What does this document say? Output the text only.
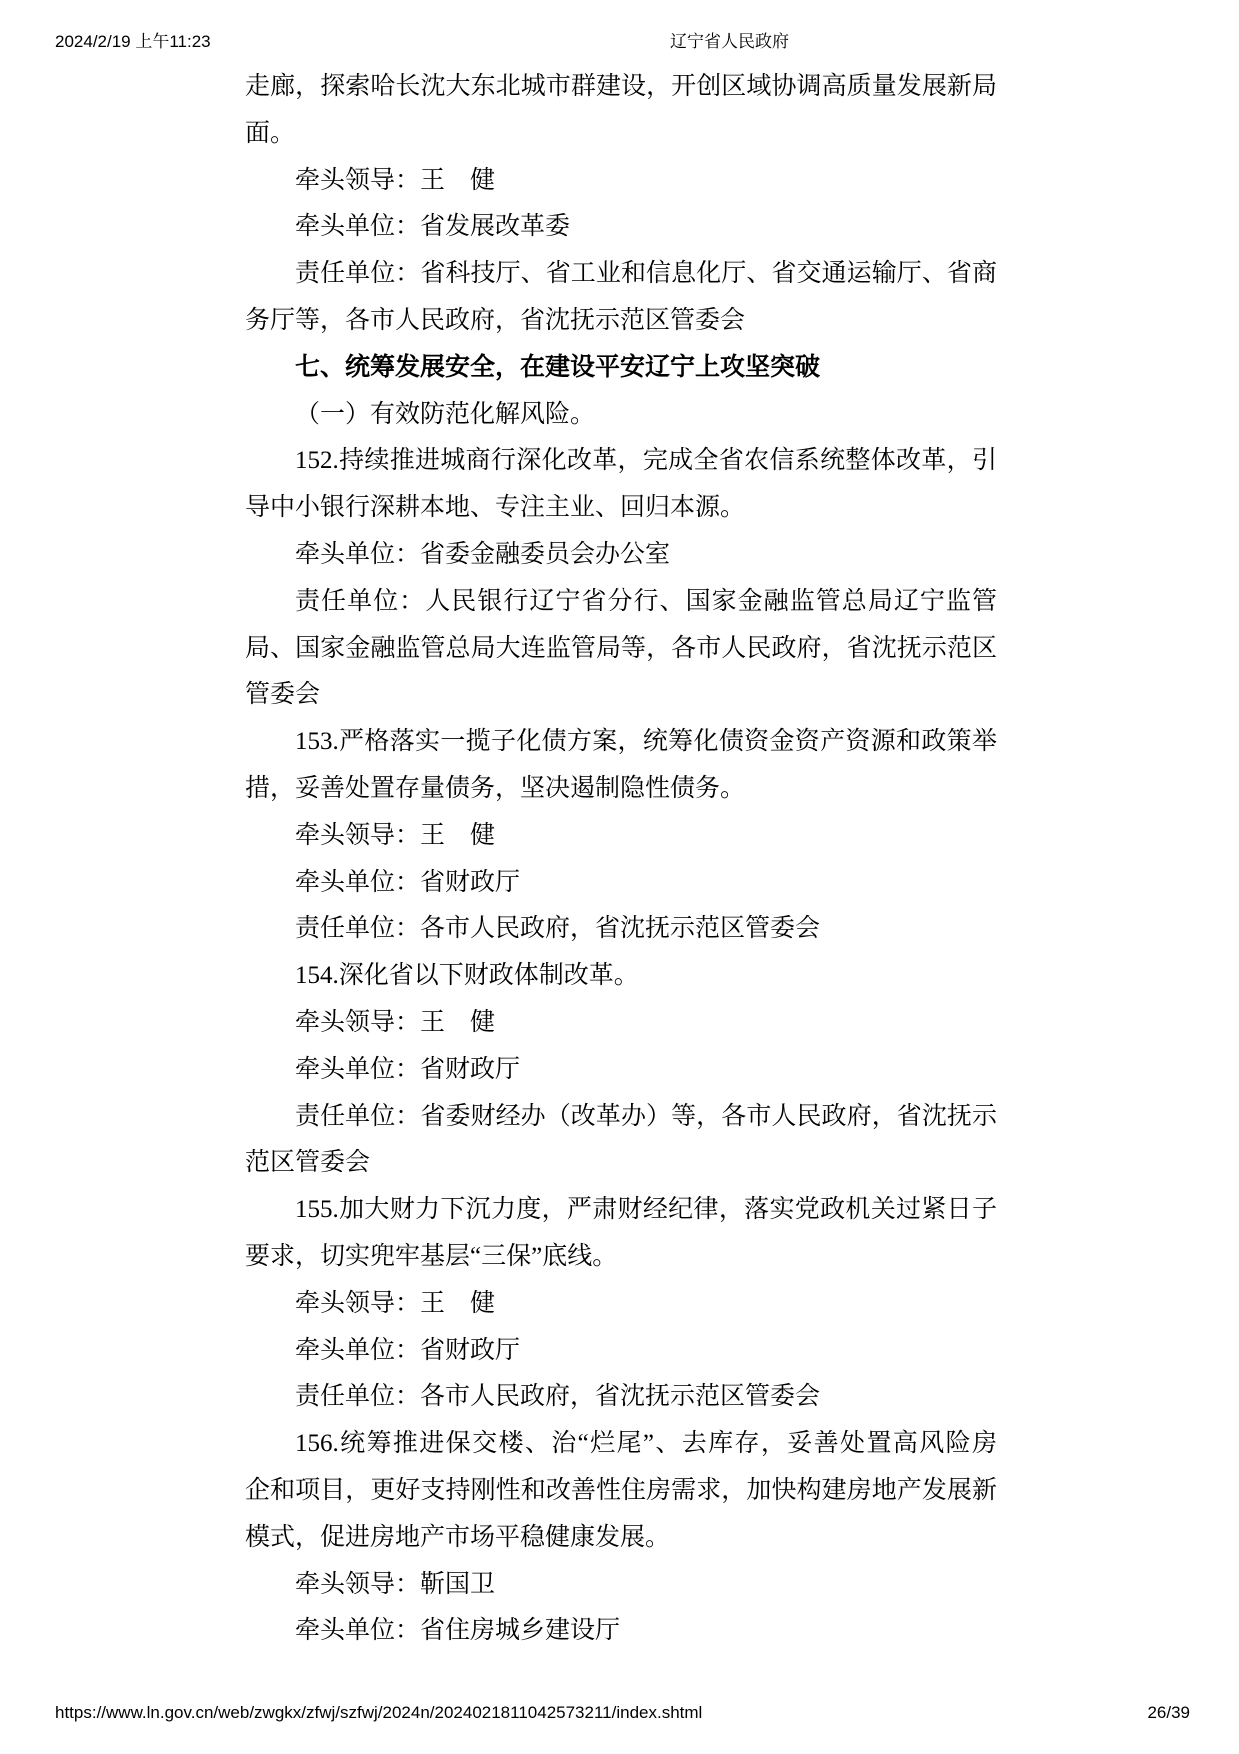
2024/2/19 上午11:23	辽宁省人民政府
走廊，探索哈长沈大东北城市群建设，开创区域协调高质量发展新局
面。
牵头领导：王　健
牵头单位：省发展改革委
责任单位：省科技厅、省工业和信息化厅、省交通运输厅、省商
务厅等，各市人民政府，省沈抚示范区管委会
七、统筹发展安全，在建设平安辽宁上攻坚突破
（一）有效防范化解风险。
152.持续推进城商行深化改革，完成全省农信系统整体改革，引
导中小银行深耕本地、专注主业、回归本源。
牵头单位：省委金融委员会办公室
责任单位：人民银行辽宁省分行、国家金融监管总局辽宁监管
局、国家金融监管总局大连监管局等，各市人民政府，省沈抚示范区
管委会
153.严格落实一揽子化债方案，统筹化债资金资产资源和政策举
措，妥善处置存量债务，坚决遏制隐性债务。
牵头领导：王　健
牵头单位：省财政厅
责任单位：各市人民政府，省沈抚示范区管委会
154.深化省以下财政体制改革。
牵头领导：王　健
牵头单位：省财政厅
责任单位：省委财经办（改革办）等，各市人民政府，省沈抚示
范区管委会
155.加大财力下沉力度，严肃财经纪律，落实党政机关过紧日子
要求，切实兜牢基层“三保”底线。
牵头领导：王　健
牵头单位：省财政厅
责任单位：各市人民政府，省沈抚示范区管委会
156.统筹推进保交楼、治“烂尾”、去库存，妥善处置高风险房
企和项目，更好支持刚性和改善性住房需求，加快构建房地产发展新
模式，促进房地产市场平稳健康发展。
牵头领导：靳国卫
牵头单位：省住房城乡建设厅
https://www.ln.gov.cn/web/zwgkx/zfwj/szfwj/2024n/2024021811042573211/index.shtml	26/39
